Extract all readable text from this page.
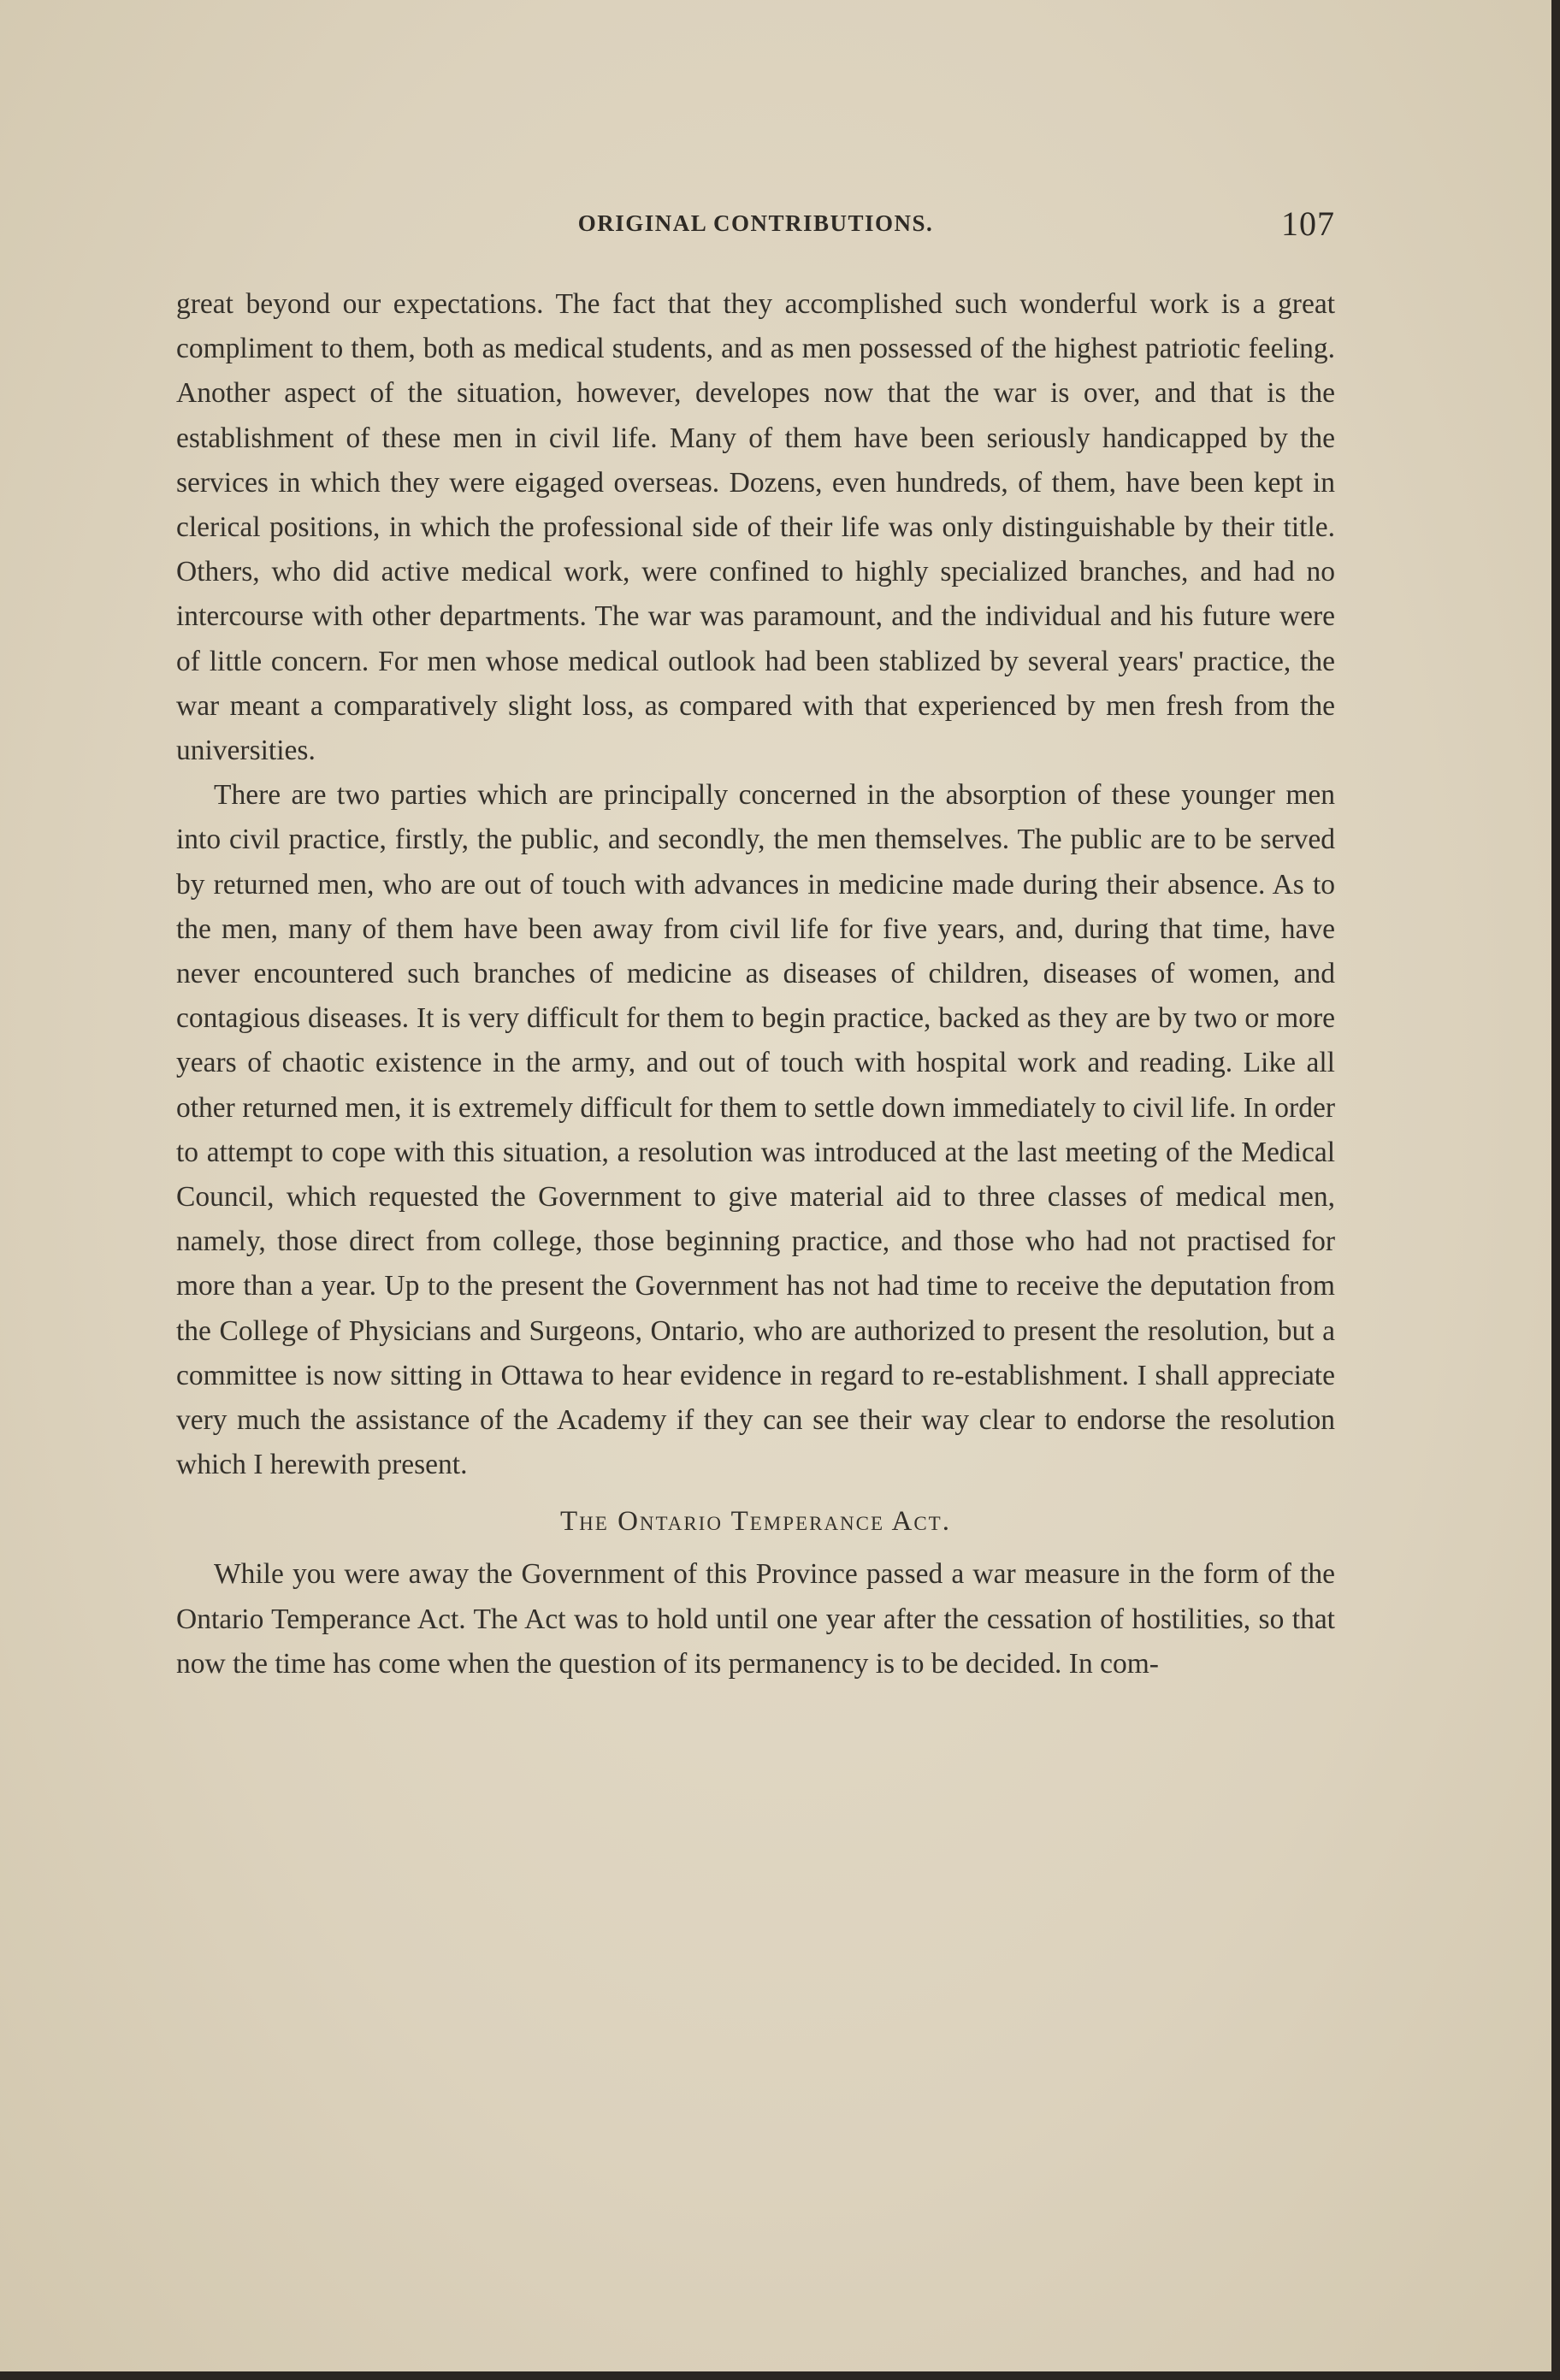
ORIGINAL CONTRIBUTIONS.	107

great beyond our expectations. The fact that they accomplished such wonderful work is a great compliment to them, both as medical students, and as men possessed of the highest patriotic feeling. Another aspect of the situation, however, developes now that the war is over, and that is the establishment of these men in civil life. Many of them have been seriously handicapped by the services in which they were eigaged overseas. Dozens, even hundreds, of them, have been kept in clerical positions, in which the professional side of their life was only distinguishable by their title. Others, who did active medical work, were confined to highly specialized branches, and had no intercourse with other departments. The war was paramount, and the individual and his future were of little concern. For men whose medical outlook had been stablized by several years' practice, the war meant a comparatively slight loss, as compared with that experienced by men fresh from the universities.

There are two parties which are principally concerned in the absorption of these younger men into civil practice, firstly, the public, and secondly, the men themselves. The public are to be served by returned men, who are out of touch with advances in medicine made during their absence. As to the men, many of them have been away from civil life for five years, and, during that time, have never encountered such branches of medicine as diseases of children, diseases of women, and contagious diseases. It is very difficult for them to begin practice, backed as they are by two or more years of chaotic existence in the army, and out of touch with hospital work and reading. Like all other returned men, it is extremely difficult for them to settle down immediately to civil life. In order to attempt to cope with this situation, a resolution was introduced at the last meeting of the Medical Council, which requested the Government to give material aid to three classes of medical men, namely, those direct from college, those beginning practice, and those who had not practised for more than a year. Up to the present the Government has not had time to receive the deputation from the College of Physicians and Surgeons, Ontario, who are authorized to present the resolution, but a committee is now sitting in Ottawa to hear evidence in regard to re-establishment. I shall appreciate very much the assistance of the Academy if they can see their way clear to endorse the resolution which I herewith present.

The Ontario Temperance Act.

While you were away the Government of this Province passed a war measure in the form of the Ontario Temperance Act. The Act was to hold until one year after the cessation of hostilities, so that now the time has come when the question of its permanency is to be decided. In com-
